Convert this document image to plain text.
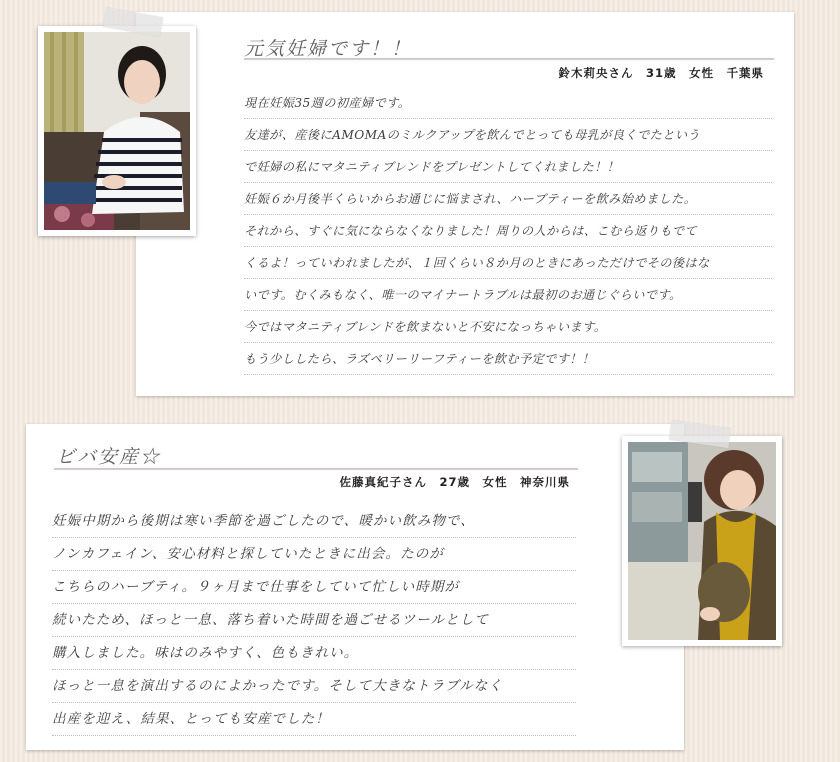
元気妊婦です！！
鈴木莉央さん　31歳　女性　千葉県
現在妊娠35週の初産婦です。
友達が、産後にAMOMAのミルクアップを飲んでとっても母乳が良くでたという
で妊婦の私にマタニティブレンドをプレゼントしてくれました！！
妊娠６か月後半くらいからお通じに悩まされ、ハーブティーを飲み始めました。
それから、すぐに気にならなくなりました！周りの人からは、こむら返りもでて
くるよ！っていわれましたが、１回くらい８か月のときにあっただけでその後はな
いです。むくみもなく、唯一のマイナートラブルは最初のお通じぐらいです。
今ではマタニティブレンドを飲まないと不安になっちゃいます。
もう少ししたら、ラズベリーリーフティーを飲む予定です！！
ビバ安産☆
佐藤真紀子さん　27歳　女性　神奈川県
妊娠中期から後期は寒い季節を過ごしたので、暖かい飲み物で、
ノンカフェイン、安心材料と探していたときに出会。たのが
こちらのハーブティ。９ヶ月まで仕事をしていて忙しい時期が
続いたため、ほっと一息、落ち着いた時間を過ごせるツールとして
購入しました。味はのみやすく、色もきれい。
ほっと一息を演出するのによかったです。そして大きなトラブルなく
出産を迎え、結果、とっても安産でした！
